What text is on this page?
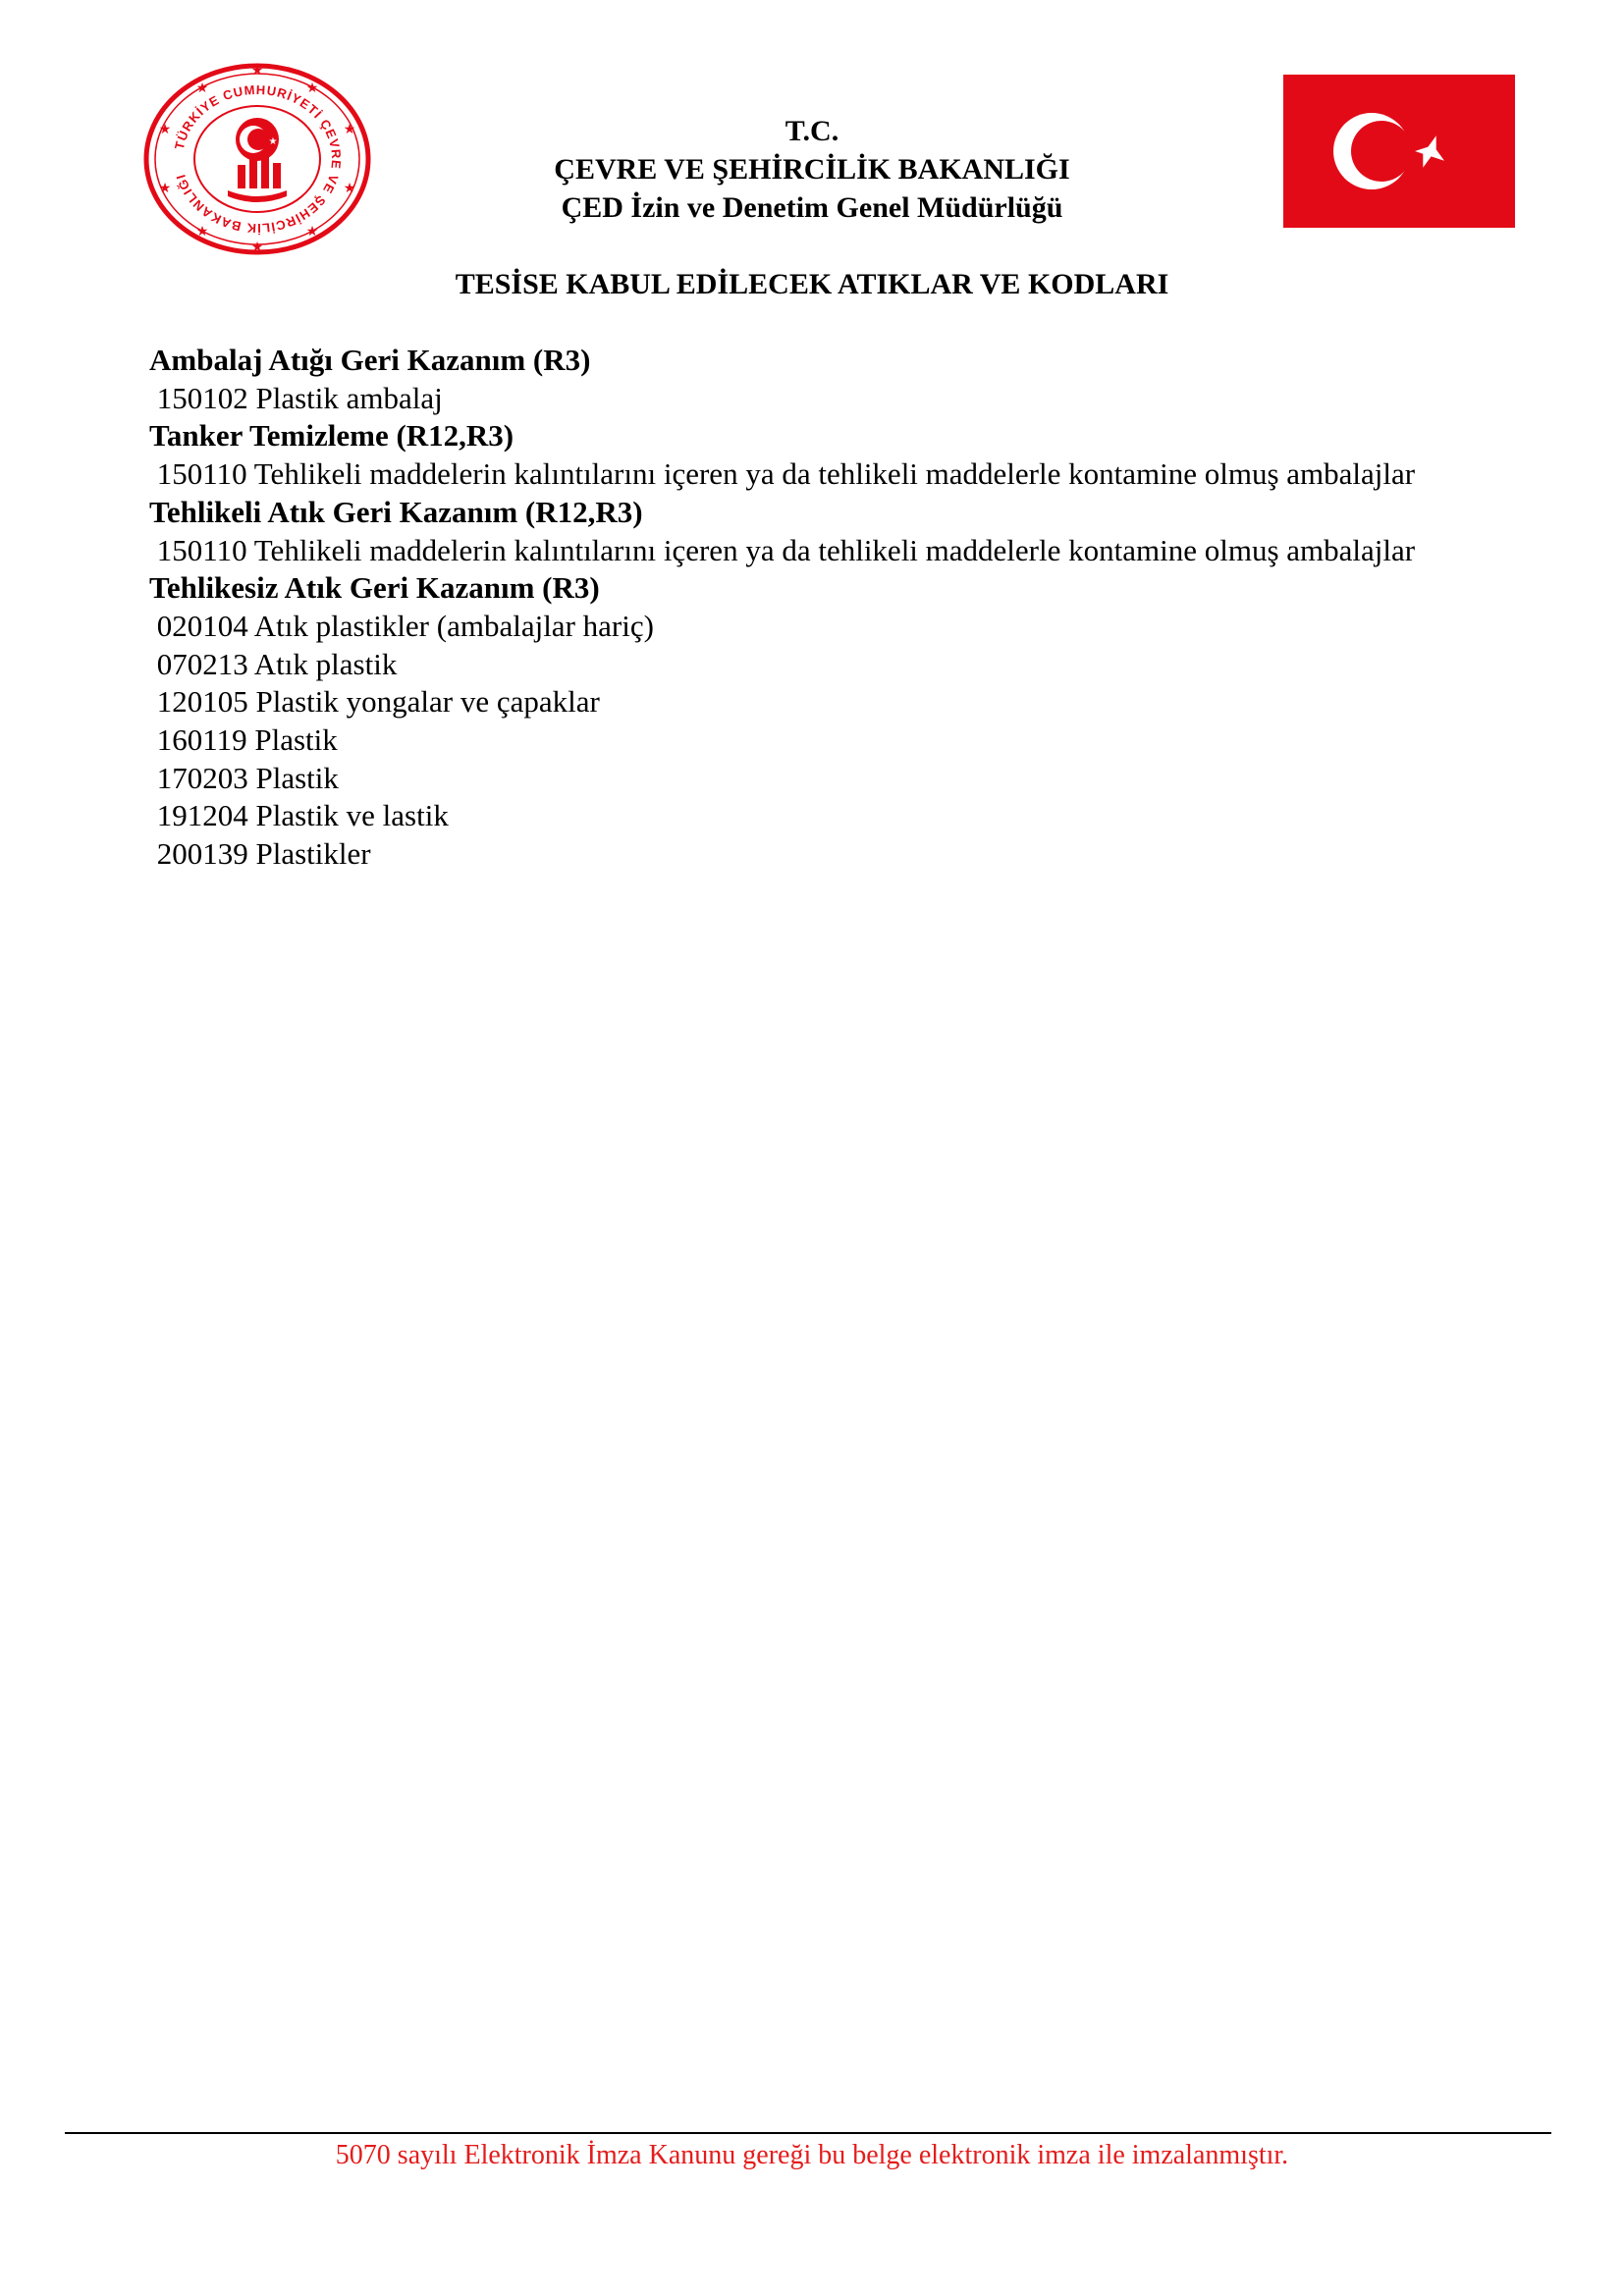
TÜRKİYE CUMHURİYETİ ÇEVRE VE ŞEHİRCİLİK BAKANLIĞI
★
★	★
★	★
★	★
★	★
★
★	T.C.
ÇEVRE VE ŞEHİRCİLİK BAKANLIĞI
ÇED İzin ve Denetim Genel Müdürlüğü
TESİSE KABUL EDİLECEK ATIKLAR VE KODLARI
Ambalaj Atığı Geri Kazanım (R3)
150102 Plastik ambalaj
Tanker Temizleme (R12,R3)
150110 Tehlikeli maddelerin kalıntılarını içeren ya da tehlikeli maddelerle kontamine olmuş ambalajlar
Tehlikeli Atık Geri Kazanım (R12,R3)
150110 Tehlikeli maddelerin kalıntılarını içeren ya da tehlikeli maddelerle kontamine olmuş ambalajlar
Tehlikesiz Atık Geri Kazanım (R3)
020104 Atık plastikler (ambalajlar hariç)
070213 Atık plastik
120105 Plastik yongalar ve çapaklar
160119 Plastik
170203 Plastik
191204 Plastik ve lastik
200139 Plastikler
5070 sayılı Elektronik İmza Kanunu gereği bu belge elektronik imza ile imzalanmıştır.
